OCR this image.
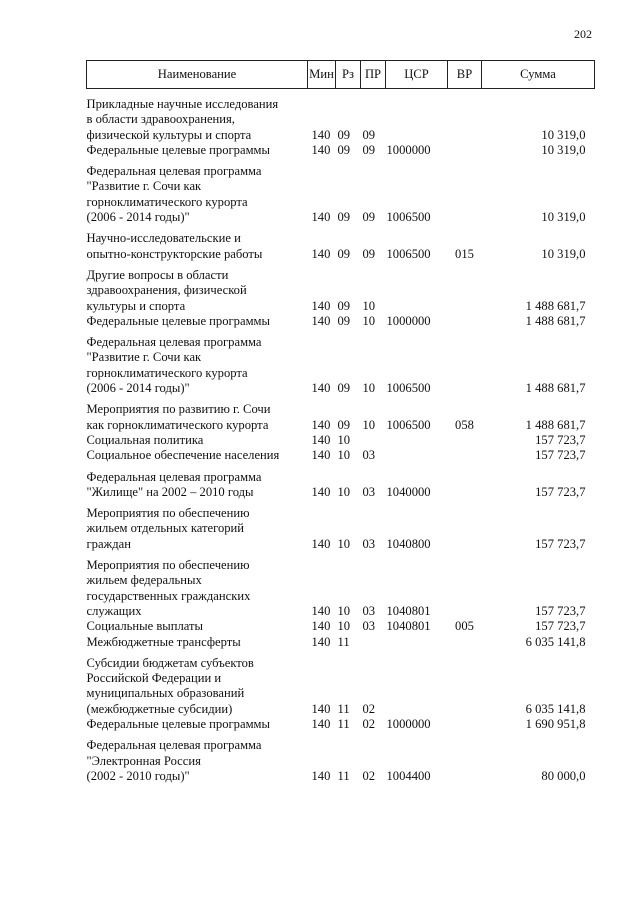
202
Наименование	Мин	Рз	ПР	ЦСР	ВР	Сумма
Прикладные научные исследования
в области здравоохранения,
физической культуры и спорта	140	09	09			10 319,0
Федеральные целевые программы	140	09	09	1000000		10 319,0
Федеральная целевая программа
"Развитие г. Сочи как
горноклиматического курорта
(2006 - 2014 годы)"	140	09	09	1006500		10 319,0
Научно-исследовательские и
опытно-конструкторские работы	140	09	09	1006500	015	10 319,0
Другие вопросы в области
здравоохранения, физической
культуры и спорта	140	09	10			1 488 681,7
Федеральные целевые программы	140	09	10	1000000		1 488 681,7
Федеральная целевая программа
"Развитие г. Сочи как
горноклиматического курорта
(2006 - 2014 годы)"	140	09	10	1006500		1 488 681,7
Мероприятия по развитию г. Сочи
как горноклиматического курорта	140	09	10	1006500	058	1 488 681,7
Социальная политика	140	10				157 723,7
Социальное обеспечение населения	140	10	03			157 723,7
Федеральная целевая программа
"Жилище" на 2002 – 2010 годы	140	10	03	1040000		157 723,7
Мероприятия по обеспечению
жильем отдельных категорий
граждан	140	10	03	1040800		157 723,7
Мероприятия по обеспечению
жильем федеральных
государственных гражданских
служащих	140	10	03	1040801		157 723,7
Социальные выплаты	140	10	03	1040801	005	157 723,7
Межбюджетные трансферты	140	11				6 035 141,8
Субсидии бюджетам субъектов
Российской Федерации и
муниципальных образований
(межбюджетные субсидии)	140	11	02			6 035 141,8
Федеральные целевые программы	140	11	02	1000000		1 690 951,8
Федеральная целевая программа
"Электронная Россия
(2002 - 2010 годы)"	140	11	02	1004400		80 000,0
